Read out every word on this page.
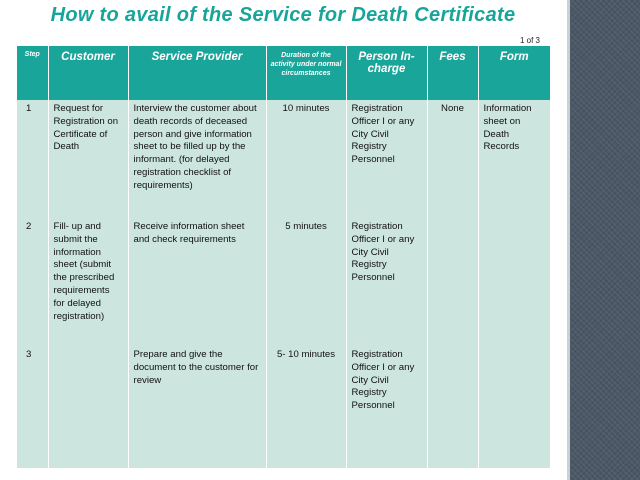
How to avail of the Service for Death Certificate
1 of 3
Step	Customer	Service Provider	Duration of the activity under normal circumstances	Person In-charge	Fees	Form
1	Request for Registration on Certificate of Death	Interview the customer about death records of deceased person and give information sheet to be filled up by the informant. (for delayed registration checklist of requirements)	10 minutes	Registration Officer I or any City Civil Registry Personnel	None	Information sheet on Death Records
2	Fill- up and submit the information sheet (submit the prescribed requirements for delayed registration)	Receive information sheet and check requirements	5 minutes	Registration Officer I or any City Civil Registry Personnel		
3		Prepare and give the document to the customer for review	5- 10 minutes	Registration Officer I or any City Civil Registry Personnel		
